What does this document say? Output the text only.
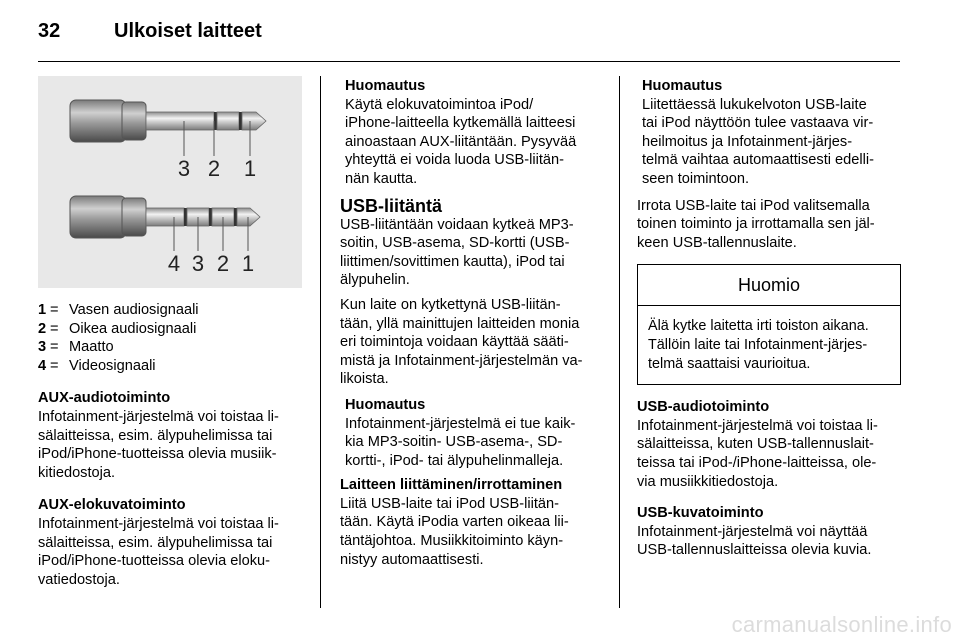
32	Ulkoiset laitteet
3 2 1
4 3 2 1
1 = Vasen audiosignaali
2 = Oikea audiosignaali
3 = Maatto
4 = Videosignaali
AUX-audiotoiminto
Infotainment-järjestelmä voi toistaa li-
sälaitteissa, esim. älypuhelimissa tai
iPod/iPhone-tuotteissa olevia musiik-
kitiedostoja.
AUX-elokuvatoiminto
Infotainment-järjestelmä voi toistaa li-
sälaitteissa, esim. älypuhelimissa tai
iPod/iPhone-tuotteissa olevia eloku-
vatiedostoja.
Huomautus
Käytä elokuvatoimintoa iPod/
iPhone-laitteella kytkemällä laitteesi
ainoastaan AUX-liitäntään. Pysyvää
yhteyttä ei voida luoda USB-liitän-
nän kautta.
USB-liitäntä
USB-liitäntään voidaan kytkeä MP3-
soitin, USB-asema, SD-kortti (USB-
liittimen/sovittimen kautta), iPod tai
älypuhelin.
Kun laite on kytkettynä USB-liitän-
tään, yllä mainittujen laitteiden monia
eri toimintoja voidaan käyttää sääti-
mistä ja Infotainment-järjestelmän va-
likoista.
Huomautus
Infotainment-järjestelmä ei tue kaik-
kia MP3-soitin- USB-asema-, SD-
kortti-, iPod- tai älypuhelinmalleja.
Laitteen liittäminen/irrottaminen
Liitä USB-laite tai iPod USB-liitän-
tään. Käytä iPodia varten oikeaa lii-
täntäjohtoa. Musiikkitoiminto käyn-
nistyy automaattisesti.
Huomautus
Liitettäessä lukukelvoton USB-laite
tai iPod näyttöön tulee vastaava vir-
heilmoitus ja Infotainment-järjes-
telmä vaihtaa automaattisesti edelli-
seen toimintoon.
Irrota USB-laite tai iPod valitsemalla
toinen toiminto ja irrottamalla sen jäl-
keen USB-tallennuslaite.
Huomio
Älä kytke laitetta irti toiston aikana.
Tällöin laite tai Infotainment-järjes-
telmä saattaisi vaurioitua.
USB-audiotoiminto
Infotainment-järjestelmä voi toistaa li-
sälaitteissa, kuten USB-tallennuslait-
teissa tai iPod-/iPhone-laitteissa, ole-
via musiikkitiedostoja.
USB-kuvatoiminto
Infotainment-järjestelmä voi näyttää
USB-tallennuslaitteissa olevia kuvia.
carmanualsonline.info
